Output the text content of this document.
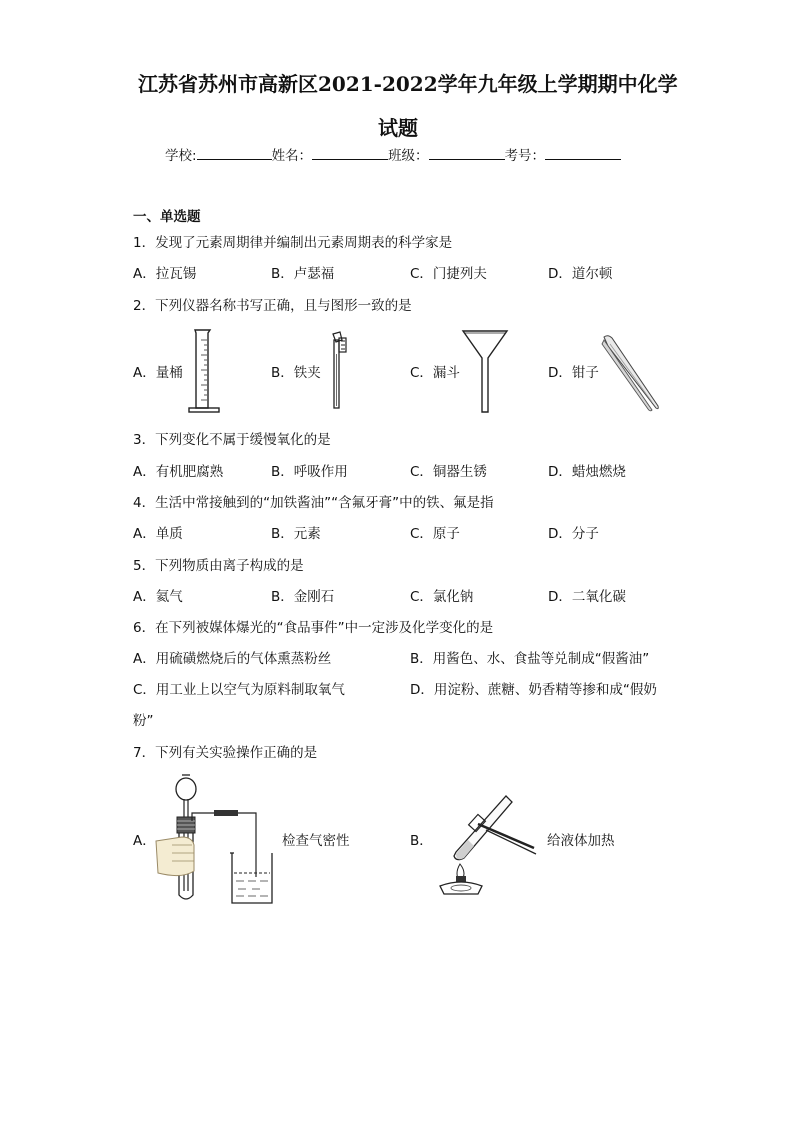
江苏省苏州市高新区2021-2022学年九年级上学期期中化学
试题
学校:	姓名：	班级：	考号：
一、单选题
1．发现了元素周期律并编制出元素周期表的科学家是
A．拉瓦锡	B．卢瑟福	C．门捷列夫	D．道尔顿
2．下列仪器名称书写正确，且与图形一致的是
A．量桶	B．铁夹	C．漏斗	D．钳子
3．下列变化不属于缓慢氧化的是
A．有机肥腐熟	B．呼吸作用	C．铜器生锈	D．蜡烛燃烧
4．生活中常接触到的“加铁酱油”“含氟牙膏”中的铁、氟是指
A．单质	B．元素	C．原子	D．分子
5．下列物质由离子构成的是
A．氦气	B．金刚石	C．氯化钠	D．二氧化碳
6．在下列被媒体爆光的“食品事件”中一定涉及化学变化的是
A．用硫磺燃烧后的气体熏蒸粉丝	B．用酱色、水、食盐等兑制成“假酱油”
C．用工业上以空气为原料制取氧气	D．用淀粉、蔗糖、奶香精等掺和成“假奶
粉”
7．下列有关实验操作正确的是
A．	检查气密性	B．	给液体加热
